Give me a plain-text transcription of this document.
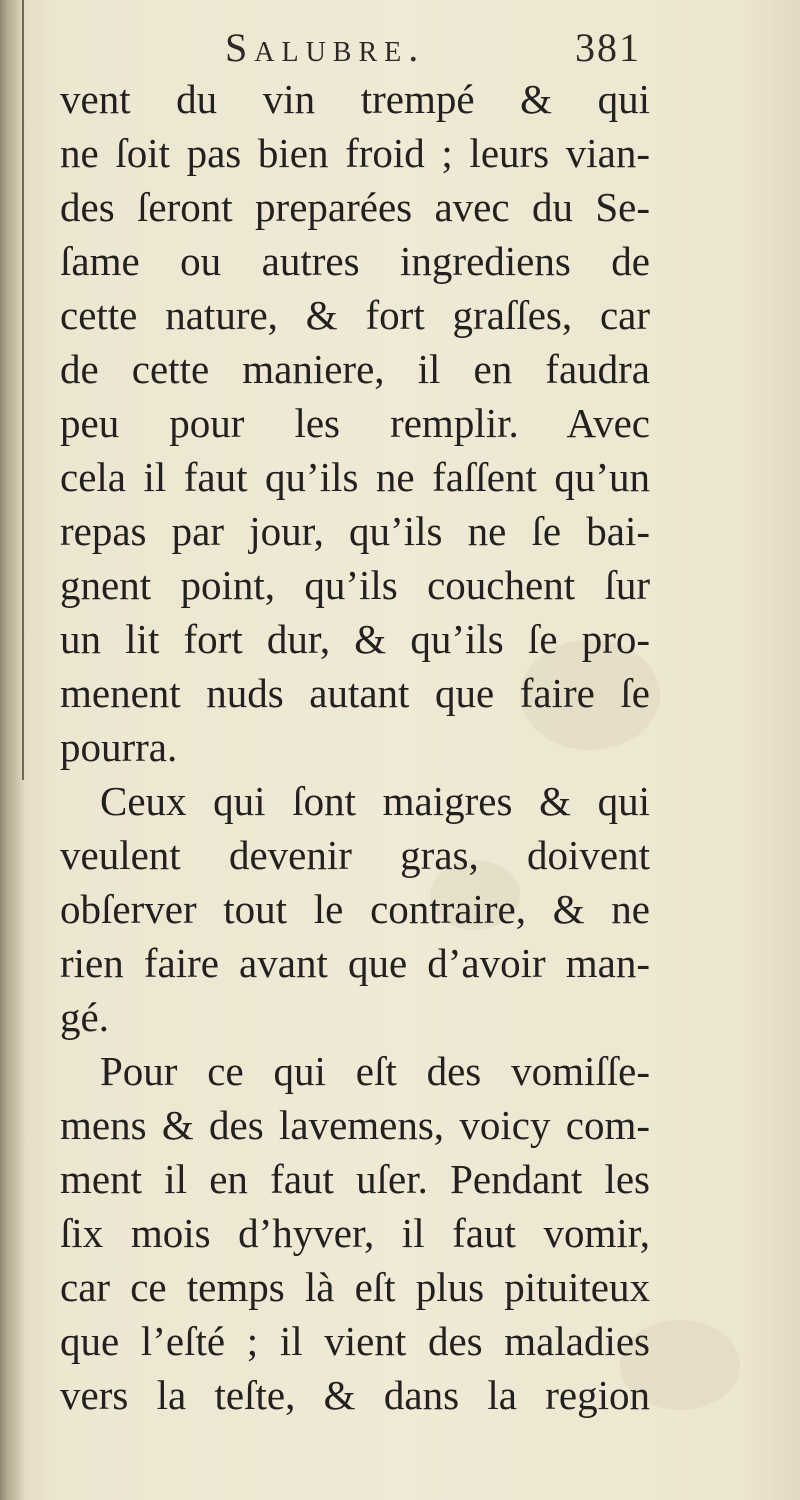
Salubre.	381
vent du vin trempé & qui
ne ſoit pas bien froid ; leurs vian-
des ſeront preparées avec du Se-
ſame ou autres ingrediens de
cette nature, & fort graſſes, car
de cette maniere, il en faudra
peu pour les remplir. Avec
cela il faut qu’ils ne faſſent qu’un
repas par jour, qu’ils ne ſe bai-
gnent point, qu’ils couchent ſur
un lit fort dur, & qu’ils ſe pro-
menent nuds autant que faire ſe
pourra.
Ceux qui ſont maigres & qui
veulent devenir gras, doivent
obſerver tout le contraire, & ne
rien faire avant que d’avoir man-
gé.
Pour ce qui eſt des vomiſſe-
mens & des lavemens, voicy com-
ment il en faut uſer. Pendant les
ſix mois d’hyver, il faut vomir,
car ce temps là eſt plus pituiteux
que l’eſté ; il vient des maladies
vers la teſte, & dans la region
